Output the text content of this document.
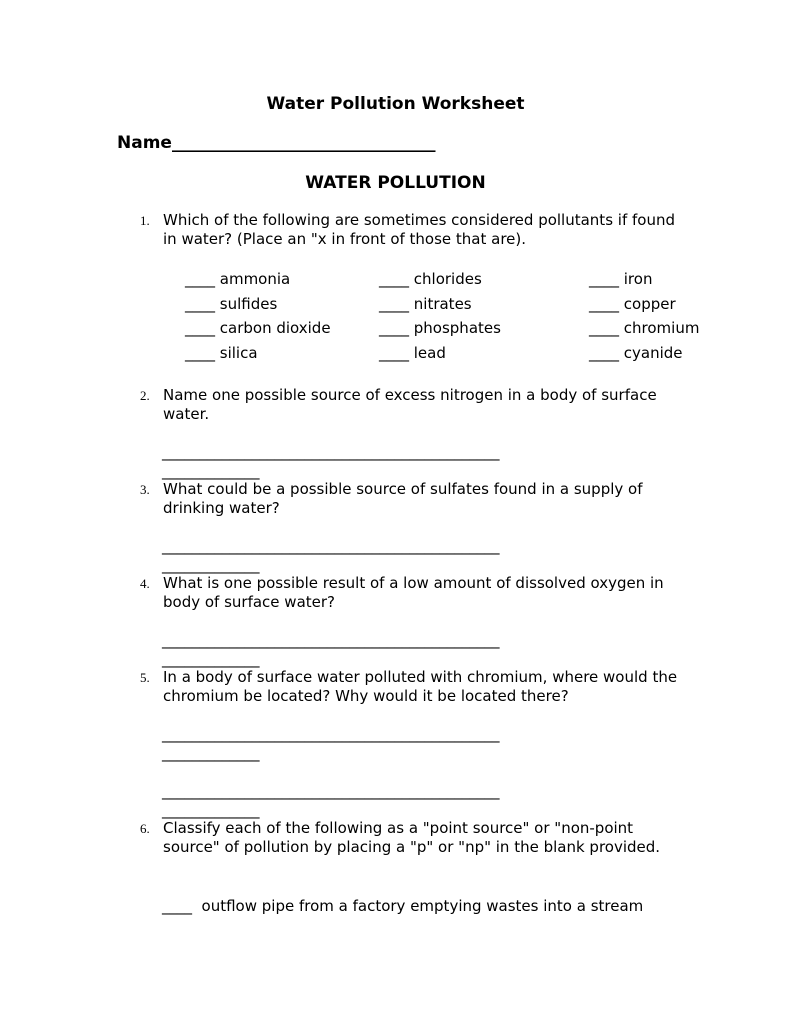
Water Pollution Worksheet
Name_______________________________
WATER POLLUTION
1. Which of the following are sometimes considered pollutants if found in water? (Place an "x in front of those that are).
____ ammonia	____ chlorides	____ iron
____ sulfides	____ nitrates	____ copper
____ carbon dioxide	____ phosphates	____ chromium
____ silica	____ lead	____ cyanide
2. Name one possible source of excess nitrogen in a body of surface water.
_____________________________________________
_____________
3. What could be a possible source of sulfates found in a supply of drinking water?
_____________________________________________
_____________
4. What is one possible result of a low amount of dissolved oxygen in body of surface water?
_____________________________________________
_____________
5. In a body of surface water polluted with chromium, where would the chromium be located? Why would it be located there?
_____________________________________________
_____________
_____________________________________________
_____________
6. Classify each of the following as a "point source" or "non-point source" of pollution by placing a "p" or "np" in the blank provided.
____  outflow pipe from a factory emptying wastes into a stream
